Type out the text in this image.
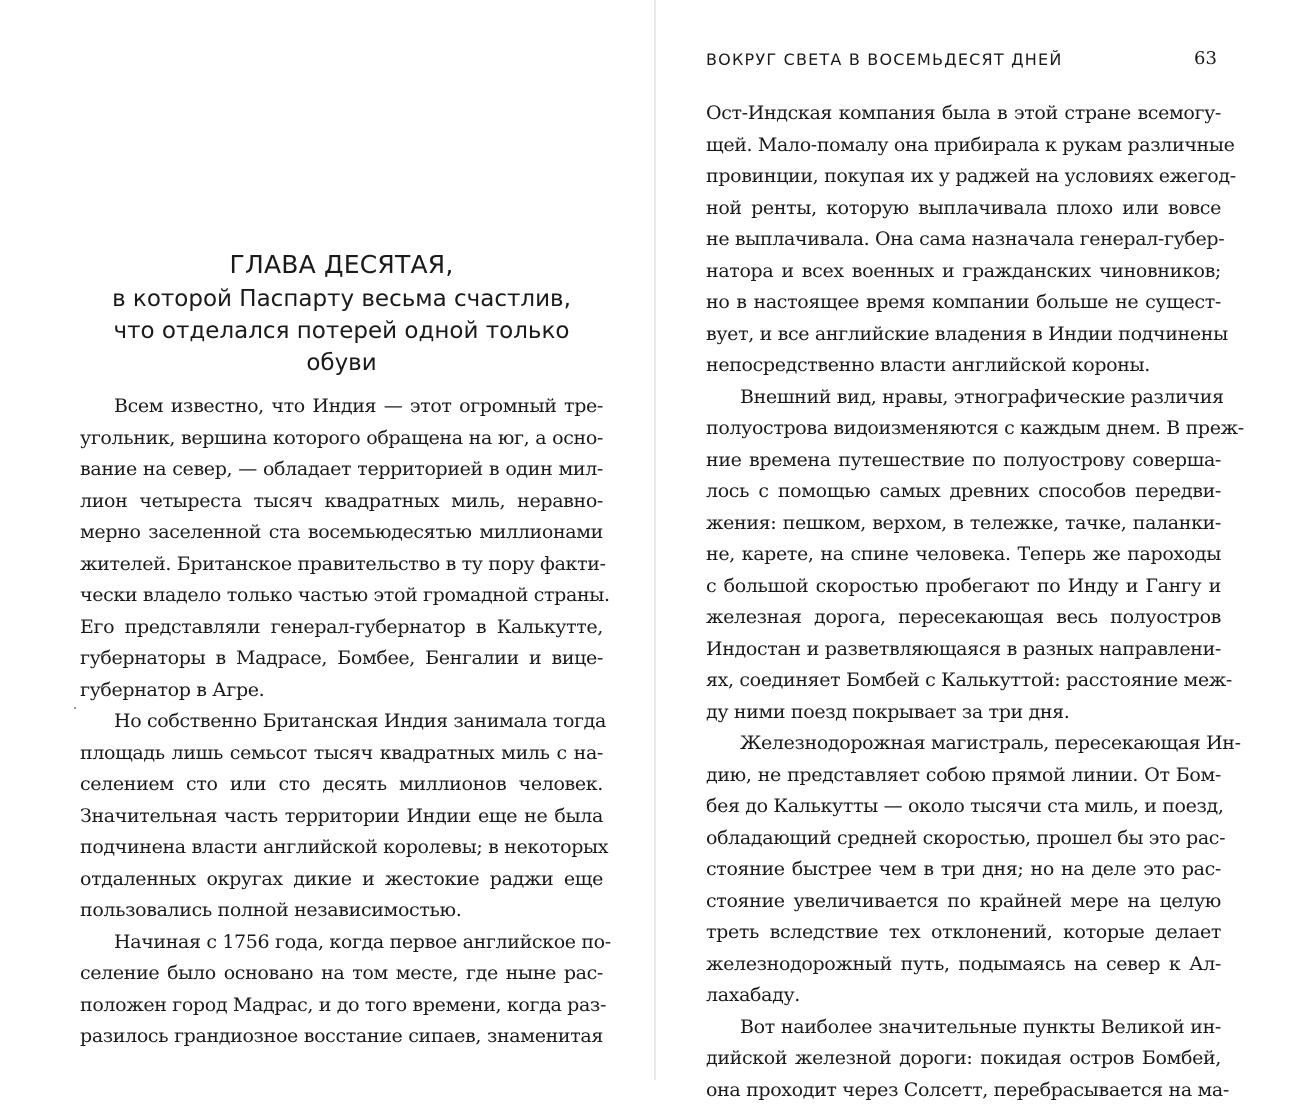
ГЛАВА ДЕСЯТАЯ,
в которой Паспарту весьма счастлив,
что отделался потерей одной только
обуви
Всем известно, что Индия — этот огромный тре-
угольник, вершина которого обращена на юг, а осно-
вание на север, — обладает территорией в один мил-
лион четыреста тысяч квадратных миль, неравно-
мерно заселенной ста восемьюдесятью миллионами
жителей. Британское правительство в ту пору факти-
чески владело только частью этой громадной страны.
Его представляли генерал-губернатор в Калькутте,
губернаторы в Мадрасе, Бомбее, Бенгалии и вице-
губернатор в Агре.
Но собственно Британская Индия занимала тогда
площадь лишь семьсот тысяч квадратных миль с на-
селением сто или сто десять миллионов человек.
Значительная часть территории Индии еще не была
подчинена власти английской королевы; в некоторых
отдаленных округах дикие и жестокие раджи еще
пользовались полной независимостью.
Начиная с 1756 года, когда первое английское по-
селение было основано на том месте, где ныне рас-
положен город Мадрас, и до того времени, когда раз-
разилось грандиозное восстание сипаев, знаменитая
ВОКРУГ СВЕТА В ВОСЕМЬДЕСЯТ ДНЕЙ	63
Ост-Индская компания была в этой стране всемогу-
щей. Мало-помалу она прибирала к рукам различные
провинции, покупая их у раджей на условиях ежегод-
ной ренты, которую выплачивала плохо или вовсе
не выплачивала. Она сама назначала генерал-губер-
натора и всех военных и гражданских чиновников;
но в настоящее время компании больше не сущест-
вует, и все английские владения в Индии подчинены
непосредственно власти английской короны.
Внешний вид, нравы, этнографические различия
полуострова видоизменяются с каждым днем. В преж-
ние времена путешествие по полуострову соверша-
лось с помощью самых древних способов передви-
жения: пешком, верхом, в тележке, тачке, паланки-
не, карете, на спине человека. Теперь же пароходы
с большой скоростью пробегают по Инду и Гангу и
железная дорога, пересекающая весь полуостров
Индостан и разветвляющаяся в разных направлени-
ях, соединяет Бомбей с Калькуттой: расстояние меж-
ду ними поезд покрывает за три дня.
Железнодорожная магистраль, пересекающая Ин-
дию, не представляет собою прямой линии. От Бом-
бея до Калькутты — около тысячи ста миль, и поезд,
обладающий средней скоростью, прошел бы это рас-
стояние быстрее чем в три дня; но на деле это рас-
стояние увеличивается по крайней мере на целую
треть вследствие тех отклонений, которые делает
железнодорожный путь, подымаясь на север к Ал-
лахабаду.
Вот наиболее значительные пункты Великой ин-
дийской железной дороги: покидая остров Бомбей,
она проходит через Солсетт, перебрасывается на ма-
